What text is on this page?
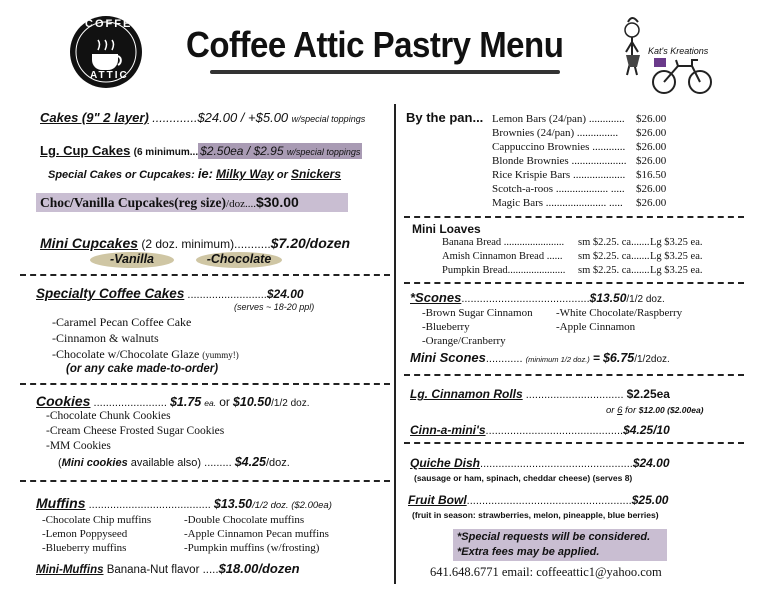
COFFEE
ATTIC
Coffee Attic Pastry Menu	Kat's Kreations
Cakes (9" 2 layer) .............$24.00 / +$5.00 w/special toppings
Lg. Cup Cakes (6 minimum... $2.50ea / $2.95 w/special toppings
Special Cakes or Cupcakes: ie: Milky Way or Snickers
Choc/Vanilla Cupcakes(reg size)/doz....$30.00
Mini Cupcakes (2 doz. minimum)...........$7.20/dozen
-Vanilla	-Chocolate
Specialty Coffee Cakes ..........................$24.00
(serves ~ 18-20 ppl)
-Caramel Pecan Coffee Cake
-Cinnamon & walnuts
-Chocolate w/Chocolate Glaze (yummy!)
(or any cake made-to-order)
Cookies ........................ $1.75 ea. or $10.50/1/2 doz.
-Chocolate Chunk Cookies
-Cream Cheese Frosted Sugar Cookies
-MM Cookies
(Mini cookies available also) ......... $4.25/doz.
Muffins ........................................ $13.50/1/2 doz. ($2.00ea)
-Chocolate Chip muffins
-Lemon Poppyseed
-Blueberry muffins
-Double Chocolate muffins
-Apple Cinnamon Pecan muffins
-Pumpkin muffins (w/frosting)
Mini-Muffins Banana-Nut flavor .....$18.00/dozen
By the pan... Lemon Bars (24/pan) ............. $26.00
Brownies (24/pan) ............... $26.00
Cappuccino Brownies ............ $26.00
Blonde Brownies .................... $26.00
Rice Krispie Bars ................... $16.50
Scotch-a-roos ................... ..... $26.00
Magic Bars ...................... ..... $26.00
Mini Loaves
Banana Bread ....................... sm $2.25. ca....... Lg $3.25 ea.
Amish Cinnamon Bread ...... sm $2.25. ca....... Lg $3.25 ea.
Pumpkin Bread...................... sm $2.25. ca....... Lg $3.25 ea.
*Scones..........................................$13.50/1/2 doz.
-Brown Sugar Cinnamon
-Blueberry
-Orange/Cranberry
-White Chocolate/Raspberry
-Apple Cinnamon
Mini Scones............ (minimum 1/2 doz.) = $6.75/1/2doz.
Lg. Cinnamon Rolls ................................ $2.25ea
or 6 for $12.00 ($2.00ea)
Cinn-a-mini's.............................................$4.25/10
Quiche Dish..................................................$24.00
(sausage or ham, spinach, cheddar cheese) (serves 8)
Fruit Bowl......................................................$25.00
(fruit in season: strawberries, melon, pineapple, blue berries)
*Special requests will be considered.
*Extra fees may be applied.
641.648.6771 email: coffeeattic1@yahoo.com
